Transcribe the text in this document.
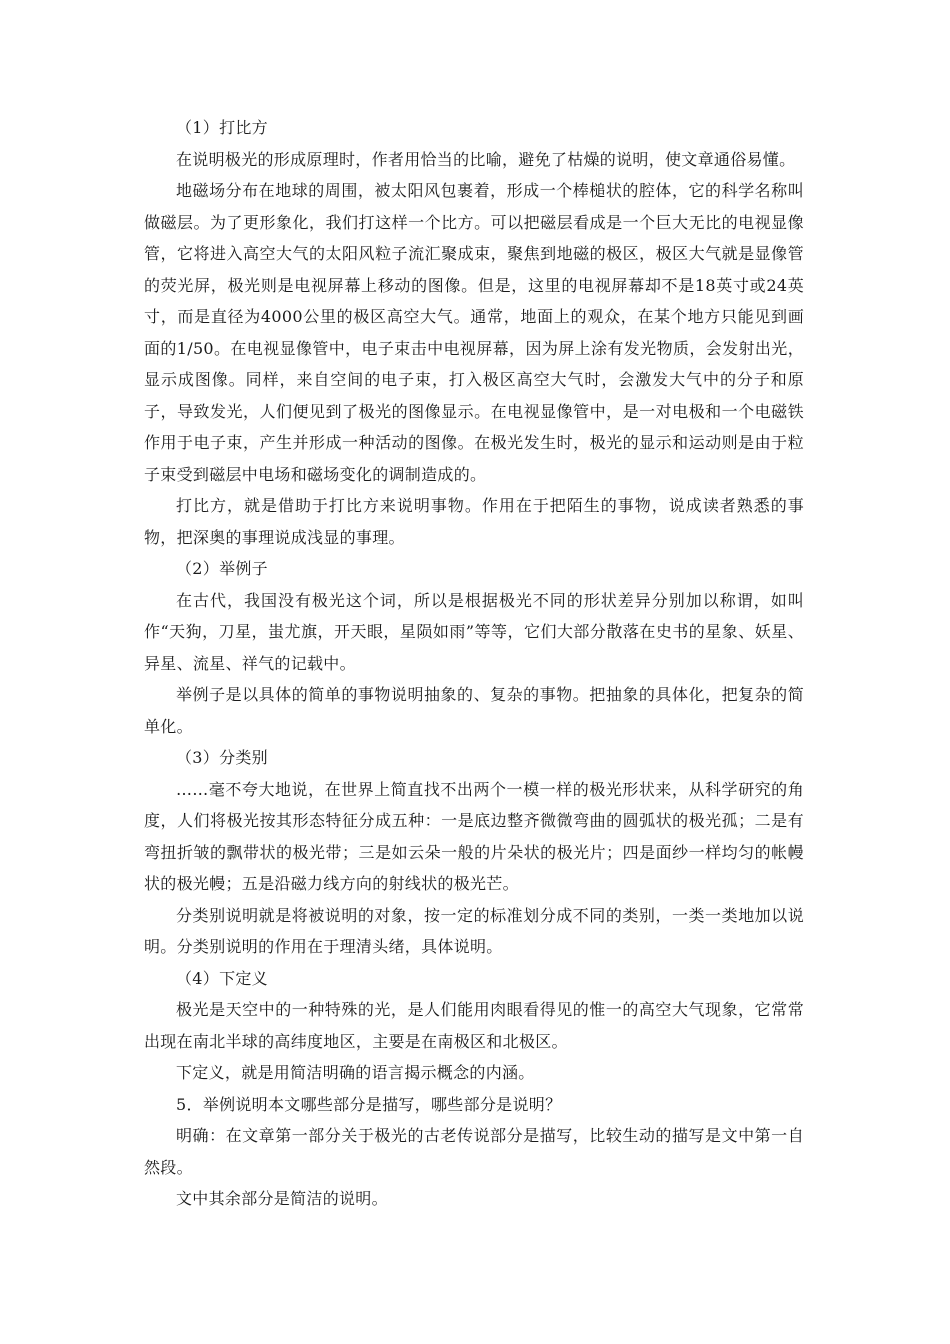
（1）打比方

在说明极光的形成原理时，作者用恰当的比喻，避免了枯燥的说明，使文章通俗易懂。

地磁场分布在地球的周围，被太阳风包裹着，形成一个棒槌状的腔体，它的科学名称叫做磁层。为了更形象化，我们打这样一个比方。可以把磁层看成是一个巨大无比的电视显像管，它将进入高空大气的太阳风粒子流汇聚成束，聚焦到地磁的极区，极区大气就是显像管的荧光屏，极光则是电视屏幕上移动的图像。但是，这里的电视屏幕却不是18英寸或24英寸，而是直径为4000公里的极区高空大气。通常，地面上的观众，在某个地方只能见到画面的1/50。在电视显像管中，电子束击中电视屏幕，因为屏上涂有发光物质，会发射出光，显示成图像。同样，来自空间的电子束，打入极区高空大气时，会激发大气中的分子和原子，导致发光，人们便见到了极光的图像显示。在电视显像管中，是一对电极和一个电磁铁作用于电子束，产生并形成一种活动的图像。在极光发生时，极光的显示和运动则是由于粒子束受到磁层中电场和磁场变化的调制造成的。

打比方，就是借助于打比方来说明事物。作用在于把陌生的事物，说成读者熟悉的事物，把深奥的事理说成浅显的事理。

（2）举例子

在古代，我国没有极光这个词，所以是根据极光不同的形状差异分别加以称谓，如叫作“天狗，刀星，蚩尤旗，开天眼，星陨如雨”等等，它们大部分散落在史书的星象、妖星、异星、流星、祥气的记载中。

举例子是以具体的简单的事物说明抽象的、复杂的事物。把抽象的具体化，把复杂的简单化。

（3）分类别

……毫不夸大地说，在世界上简直找不出两个一模一样的极光形状来，从科学研究的角度，人们将极光按其形态特征分成五种：一是底边整齐微微弯曲的圆弧状的极光孤；二是有弯扭折皱的飘带状的极光带；三是如云朵一般的片朵状的极光片；四是面纱一样均匀的帐幔状的极光幔；五是沿磁力线方向的射线状的极光芒。

分类别说明就是将被说明的对象，按一定的标准划分成不同的类别，一类一类地加以说明。分类别说明的作用在于理清头绪，具体说明。

（4）下定义

极光是天空中的一种特殊的光，是人们能用肉眼看得见的惟一的高空大气现象，它常常出现在南北半球的高纬度地区，主要是在南极区和北极区。

下定义，就是用简洁明确的语言揭示概念的内涵。

5．举例说明本文哪些部分是描写，哪些部分是说明？

明确：在文章第一部分关于极光的古老传说部分是描写，比较生动的描写是文中第一自然段。

文中其余部分是简洁的说明。
